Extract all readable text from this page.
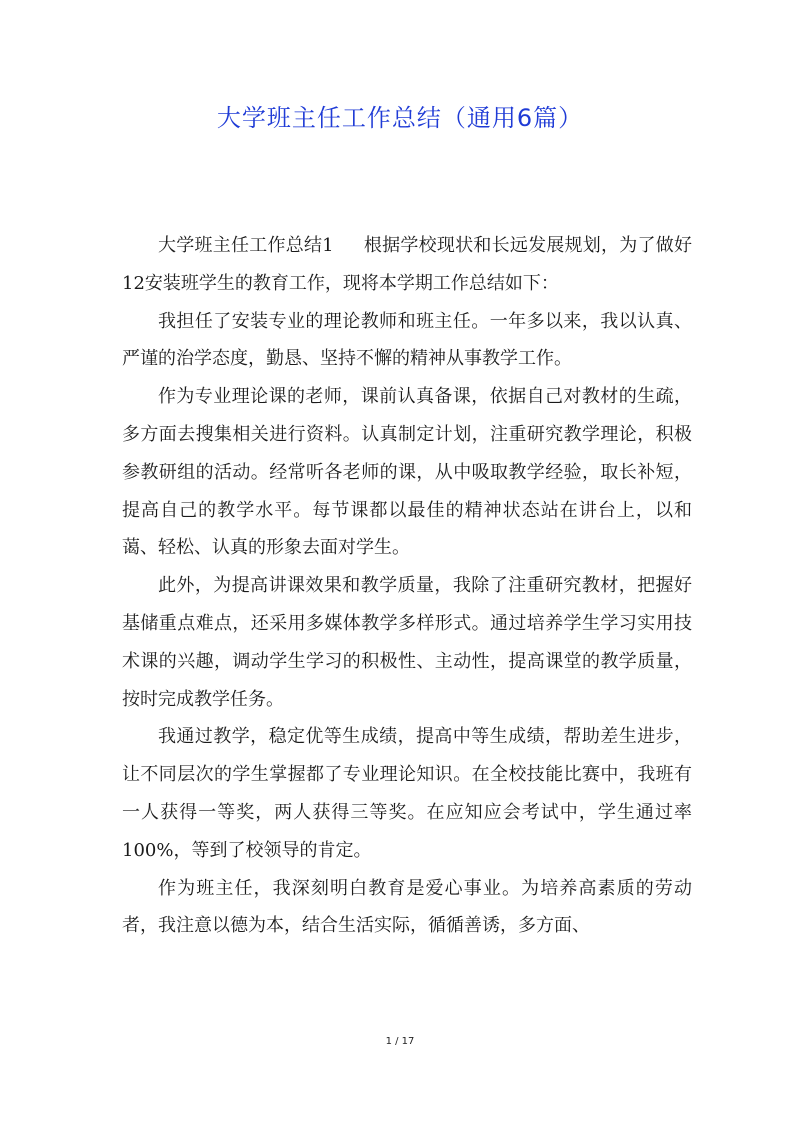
大学班主任工作总结（通用6篇）

大学班主任工作总结1 根据学校现状和长远发展规划，为了做好12安装班学生的教育工作，现将本学期工作总结如下：

我担任了安装专业的理论教师和班主任。一年多以来，我以认真、严谨的治学态度，勤恳、坚持不懈的精神从事教学工作。

作为专业理论课的老师，课前认真备课，依据自己对教材的生疏，多方面去搜集相关进行资料。认真制定计划，注重研究教学理论，积极参教研组的活动。经常听各老师的课，从中吸取教学经验，取长补短，提高自己的教学水平。每节课都以最佳的精神状态站在讲台上，以和蔼、轻松、认真的形象去面对学生。

此外，为提高讲课效果和教学质量，我除了注重研究教材，把握好基储重点难点，还采用多媒体教学多样形式。通过培养学生学习实用技术课的兴趣，调动学生学习的积极性、主动性，提高课堂的教学质量，按时完成教学任务。

我通过教学，稳定优等生成绩，提高中等生成绩，帮助差生进步，让不同层次的学生掌握都了专业理论知识。在全校技能比赛中，我班有一人获得一等奖，两人获得三等奖。在应知应会考试中，学生通过率100%，等到了校领导的肯定。

作为班主任，我深刻明白教育是爱心事业。为培养高素质的劳动者，我注意以德为本，结合生活实际，循循善诱，多方面、

1 / 17
